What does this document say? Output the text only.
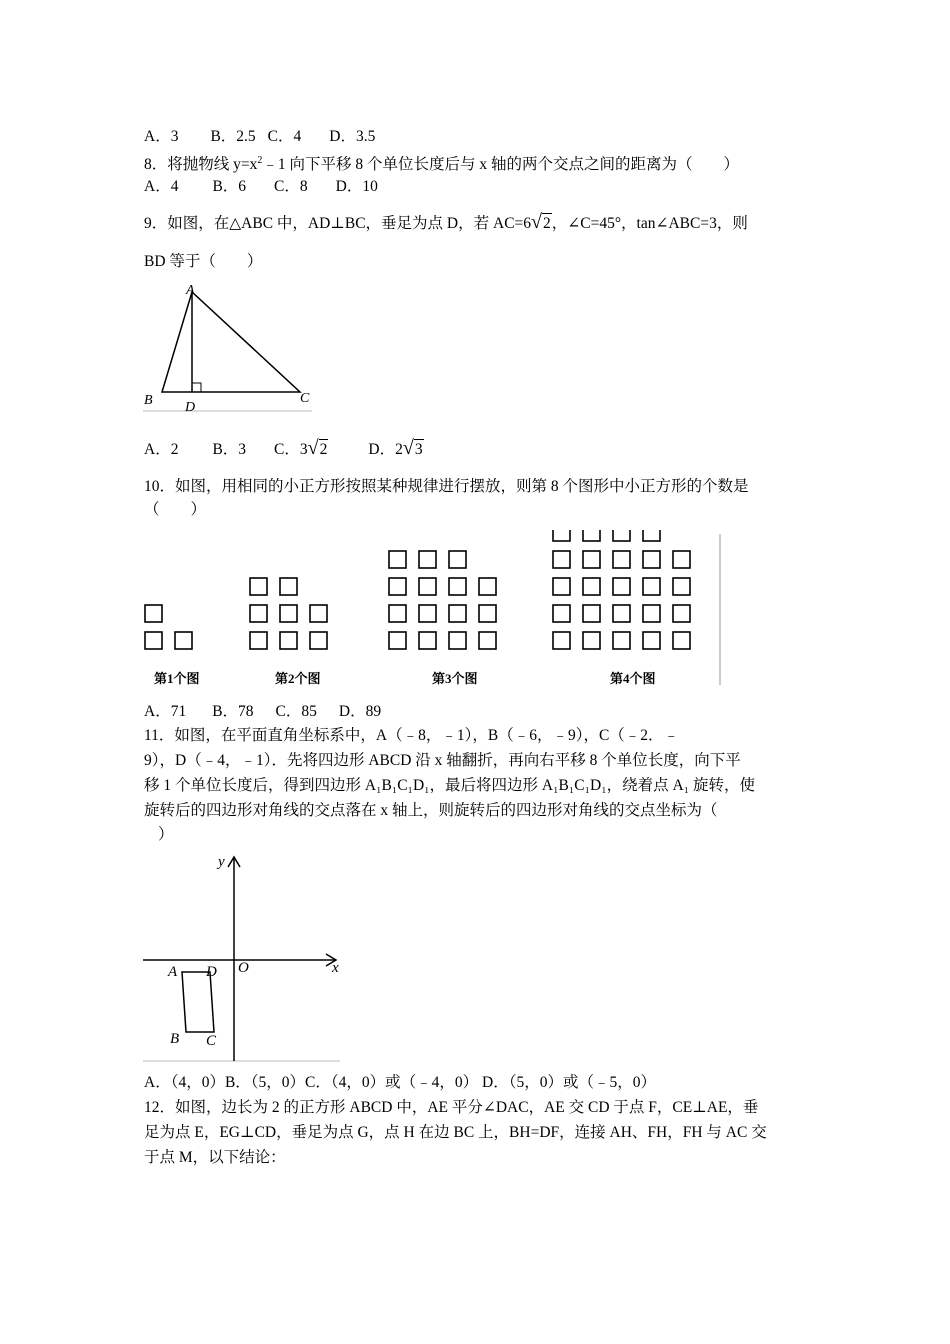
A．3 B．2.5 C．4 D．3.5
8．将抛物线 $y=x^2﹣1$ 向下平移 8 个单位长度后与 x 轴的两个交点之间的距离为（　　）
A．4 B．6 C．8 D．10
9．如图，在△ABC 中，AD⊥BC，垂足为点 D，若 AC=6√2，∠C=45°，tan∠ABC=3，则
BD 等于（　　）
A
B D
C
A．2 B．3 C．3√2	D．2√3
10．如图，用相同的小正方形按照某种规律进行摆放，则第 8 个图形中小正方形的个数是
（　　）
第1个图	第2个图	第3个图	第4个图
A．71 B．78 C．85 D．89
11．如图，在平面直角坐标系中，A（﹣8，﹣1），B（﹣6，﹣9），C（﹣2．﹣
9），D（﹣4，﹣1）．先将四边形 ABCD 沿 x 轴翻折，再向右平移 8 个单位长度，向下平
移 1 个单位长度后，得到四边形 A₁B₁C₁D₁，最后将四边形 A₁B₁C₁D₁，绕着点 A₁ 旋转，使
旋转后的四边形对角线的交点落在 x 轴上，则旋转后的四边形对角线的交点坐标为（
）
y
x
O
A D
B C
A．（4，0）B．（5，0）C．（4，0）或（﹣4，0） D．（5，0）或（﹣5，0）
12．如图，边长为 2 的正方形 ABCD 中，AE 平分∠DAC，AE 交 CD 于点 F，CE⊥AE，垂
足为点 E，EG⊥CD，垂足为点 G，点 H 在边 BC 上，BH=DF，连接 AH、FH，FH 与 AC 交
于点 M，以下结论：
